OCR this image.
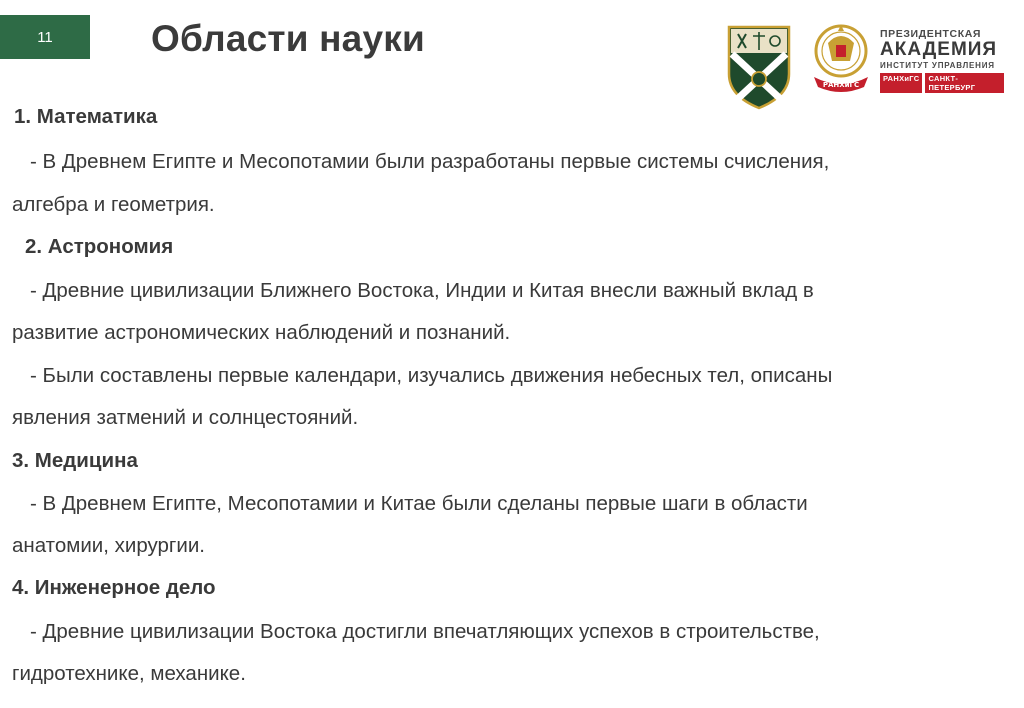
11	Области науки
РАНХиГС
ПРЕЗИДЕНТСКАЯ
АКАДЕМИЯ
ИНСТИТУТ УПРАВЛЕНИЯ
РАНХиГС	САНКТ-ПЕТЕРБУРГ
1. Математика
- В Древнем Египте и Месопотамии были разработаны первые системы счисления,
алгебра и геометрия.
2. Астрономия
- Древние цивилизации Ближнего Востока, Индии и Китая внесли важный вклад в
развитие астрономических наблюдений и познаний.
- Были составлены первые календари, изучались движения небесных тел, описаны
явления затмений и солнцестояний.
3. Медицина
- В Древнем Египте, Месопотамии и Китае были сделаны первые шаги в области
анатомии, хирургии.
4. Инженерное дело
- Древние цивилизации Востока достигли впечатляющих успехов в строительстве,
гидротехнике, механике.
